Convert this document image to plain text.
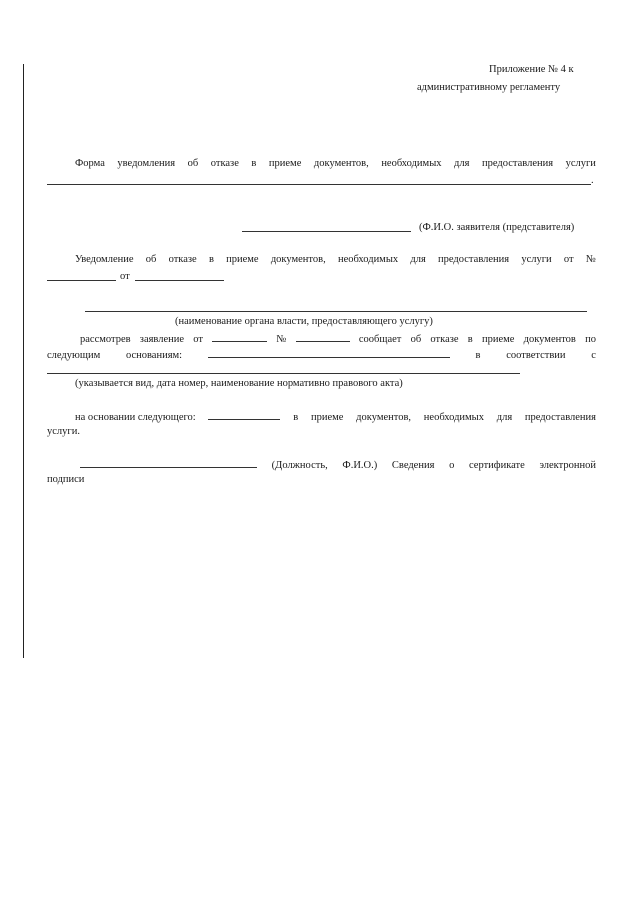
Приложение № 4 к
административному регламенту
Форма уведомления об отказе в приеме документов, необходимых для предоставления услуги
.
(Ф.И.О. заявителя (представителя)
Уведомление об отказе в приеме документов, необходимых для предоставления услуги от №
от
(наименование органа власти, предоставляющего услугу)
рассмотрев заявление от	№	сообщает об отказе в приеме документов по
следующим основаниям:	в соответствии с
(указывается вид, дата номер, наименование нормативно правового акта)
на основании следующего:	в приеме документов, необходимых для предоставления
услуги.
(Должность, Ф.И.О.) Сведения о сертификате электронной
подписи
